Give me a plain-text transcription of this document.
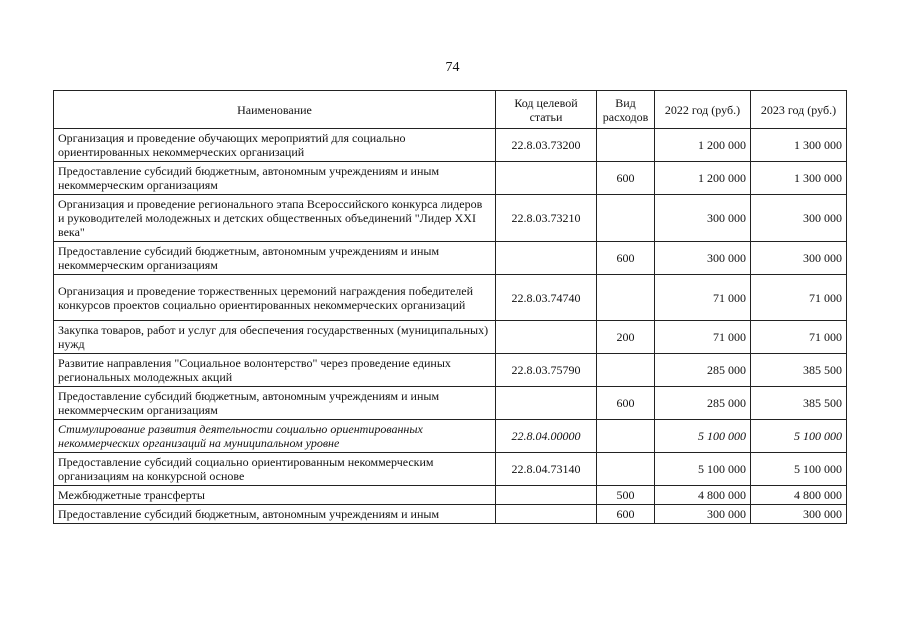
74
Наименование	Код целевой статьи	Вид расходов	2022 год (руб.)	2023 год (руб.)
Организация и проведение обучающих мероприятий для социально ориентированных некоммерческих организаций	22.8.03.73200		1 200 000	1 300 000
Предоставление субсидий бюджетным, автономным учреждениям и иным некоммерческим организациям		600	1 200 000	1 300 000
Организация и проведение регионального этапа Всероссийского конкурса лидеров и руководителей молодежных и детских общественных объединений "Лидер XXI века"	22.8.03.73210		300 000	300 000
Предоставление субсидий бюджетным, автономным учреждениям и иным некоммерческим организациям		600	300 000	300 000
Организация и проведение торжественных церемоний награждения победителей конкурсов проектов социально ориентированных некоммерческих организаций	22.8.03.74740		71 000	71 000
Закупка товаров, работ и услуг для обеспечения государственных (муниципальных) нужд		200	71 000	71 000
Развитие направления "Социальное волонтерство" через проведение единых региональных молодежных акций	22.8.03.75790		285 000	385 500
Предоставление субсидий бюджетным, автономным учреждениям и иным некоммерческим организациям		600	285 000	385 500
Стимулирование развития деятельности социально ориентированных некоммерческих организаций на муниципальном уровне	22.8.04.00000		5 100 000	5 100 000
Предоставление субсидий социально ориентированным некоммерческим организациям на конкурсной основе	22.8.04.73140		5 100 000	5 100 000
Межбюджетные трансферты		500	4 800 000	4 800 000
Предоставление субсидий бюджетным, автономным учреждениям и иным		600	300 000	300 000
